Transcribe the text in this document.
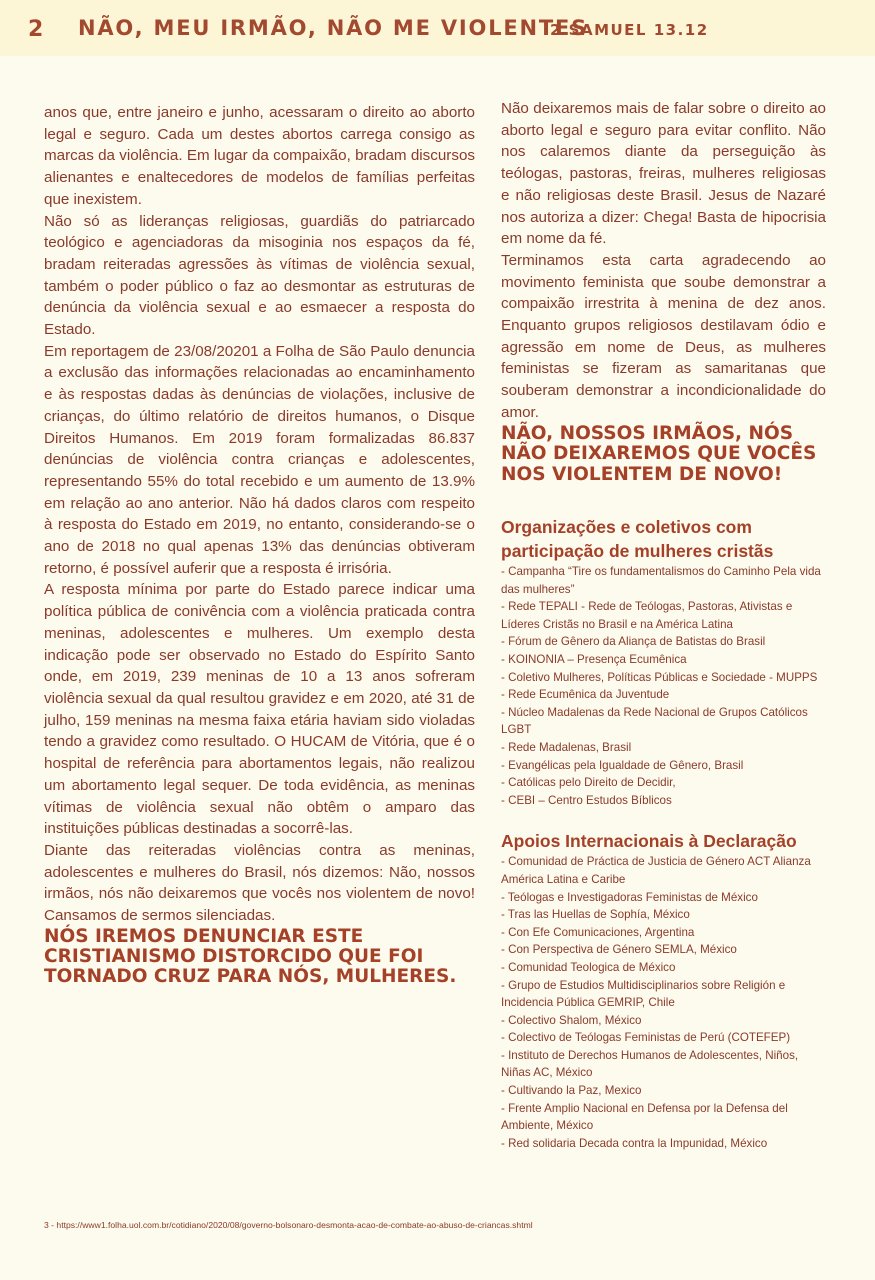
2 NÃO, MEU IRMÃO, NÃO ME VIOLENTES
2 SAMUEL 13.12

anos que, entre janeiro e junho, acessaram o direito ao aborto legal e seguro. Cada um destes abortos carrega consigo as marcas da violência. Em lugar da compaixão, bradam discursos alienantes e enaltecedores de modelos de famílias perfeitas que inexistem.

Não só as lideranças religiosas, guardiãs do patriarcado teológico e agenciadoras da misoginia nos espaços da fé, bradam reiteradas agressões às vítimas de violência sexual, também o poder público o faz ao desmontar as estruturas de denúncia da violência sexual e ao esmaecer a resposta do Estado.

Em reportagem de 23/08/20201 a Folha de São Paulo denuncia a exclusão das informações relacionadas ao encaminhamento e às respostas dadas às denúncias de violações, inclusive de crianças, do último relatório de direitos humanos, o Disque Direitos Humanos. Em 2019 foram formalizadas 86.837 denúncias de violência contra crianças e adolescentes, representando 55% do total recebido e um aumento de 13.9% em relação ao ano anterior. Não há dados claros com respeito à resposta do Estado em 2019, no entanto, considerando-se o ano de 2018 no qual apenas 13% das denúncias obtiveram retorno, é possível auferir que a resposta é irrisória.

A resposta mínima por parte do Estado parece indicar uma política pública de conivência com a violência praticada contra meninas, adolescentes e mulheres. Um exemplo desta indicação pode ser observado no Estado do Espírito Santo onde, em 2019, 239 meninas de 10 a 13 anos sofreram violência sexual da qual resultou gravidez e em 2020, até 31 de julho, 159 meninas na mesma faixa etária haviam sido violadas tendo a gravidez como resultado. O HUCAM de Vitória, que é o hospital de referência para abortamentos legais, não realizou um abortamento legal sequer. De toda evidência, as meninas vítimas de violência sexual não obtêm o amparo das instituições públicas destinadas a socorrê-las.

Diante das reiteradas violências contra as meninas, adolescentes e mulheres do Brasil, nós dizemos: Não, nossos irmãos, nós não deixaremos que vocês nos violentem de novo! Cansamos de sermos silenciadas.

NÓS IREMOS DENUNCIAR ESTE CRISTIANISMO DISTORCIDO QUE FOI TORNADO CRUZ PARA NÓS, MULHERES.

Não deixaremos mais de falar sobre o direito ao aborto legal e seguro para evitar conflito. Não nos calaremos diante da perseguição às teólogas, pastoras, freiras, mulheres religiosas e não religiosas deste Brasil. Jesus de Nazaré nos autoriza a dizer: Chega! Basta de hipocrisia em nome da fé.

Terminamos esta carta agradecendo ao movimento feminista que soube demonstrar a compaixão irrestrita à menina de dez anos. Enquanto grupos religiosos destilavam ódio e agressão em nome de Deus, as mulheres feministas se fizeram as samaritanas que souberam demonstrar a incondicionalidade do amor.

NÃO, NOSSOS IRMÃOS, NÓS NÃO DEIXAREMOS QUE VOCÊS NOS VIOLENTEM DE NOVO!
Organizações e coletivos com participação de mulheres cristãs
- Campanha “Tire os fundamentalismos do Caminho Pela vida das mulheres”
- Rede TEPALI - Rede de Teólogas, Pastoras, Ativistas e Líderes Cristãs no Brasil e na América Latina
- Fórum de Gênero da Aliança de Batistas do Brasil
- KOINONIA – Presença Ecumênica
- Coletivo Mulheres, Políticas Públicas e Sociedade - MUPPS
- Rede Ecumênica da Juventude
- Núcleo Madalenas da Rede Nacional de Grupos Católicos LGBT
- Rede Madalenas, Brasil
- Evangélicas pela Igualdade de Gênero, Brasil
- Católicas pelo Direito de Decidir,
- CEBI – Centro Estudos Bíblicos
Apoios Internacionais à Declaração
- Comunidad de Práctica de Justicia de Género ACT Alianza América Latina e Caribe
- Teólogas e Investigadoras Feministas de México
- Tras las Huellas de Sophía, México
- Con Efe Comunicaciones, Argentina
- Con Perspectiva de Género SEMLA, México
- Comunidad Teologica de México
- Grupo de Estudios Multidisciplinarios sobre Religión e Incidencia Pública GEMRIP, Chile
- Colectivo Shalom, México
- Colectivo de Teólogas Feministas de Perú (COTEFEP)
- Instituto de Derechos Humanos de Adolescentes, Niños, Niñas AC, México
- Cultivando la Paz, Mexico
- Frente Amplio Nacional en Defensa por la Defensa del Ambiente, México
- Red solidaria Decada contra la Impunidad, México
3 - https://www1.folha.uol.com.br/cotidiano/2020/08/governo-bolsonaro-desmonta-acao-de-combate-ao-abuso-de-criancas.shtml
